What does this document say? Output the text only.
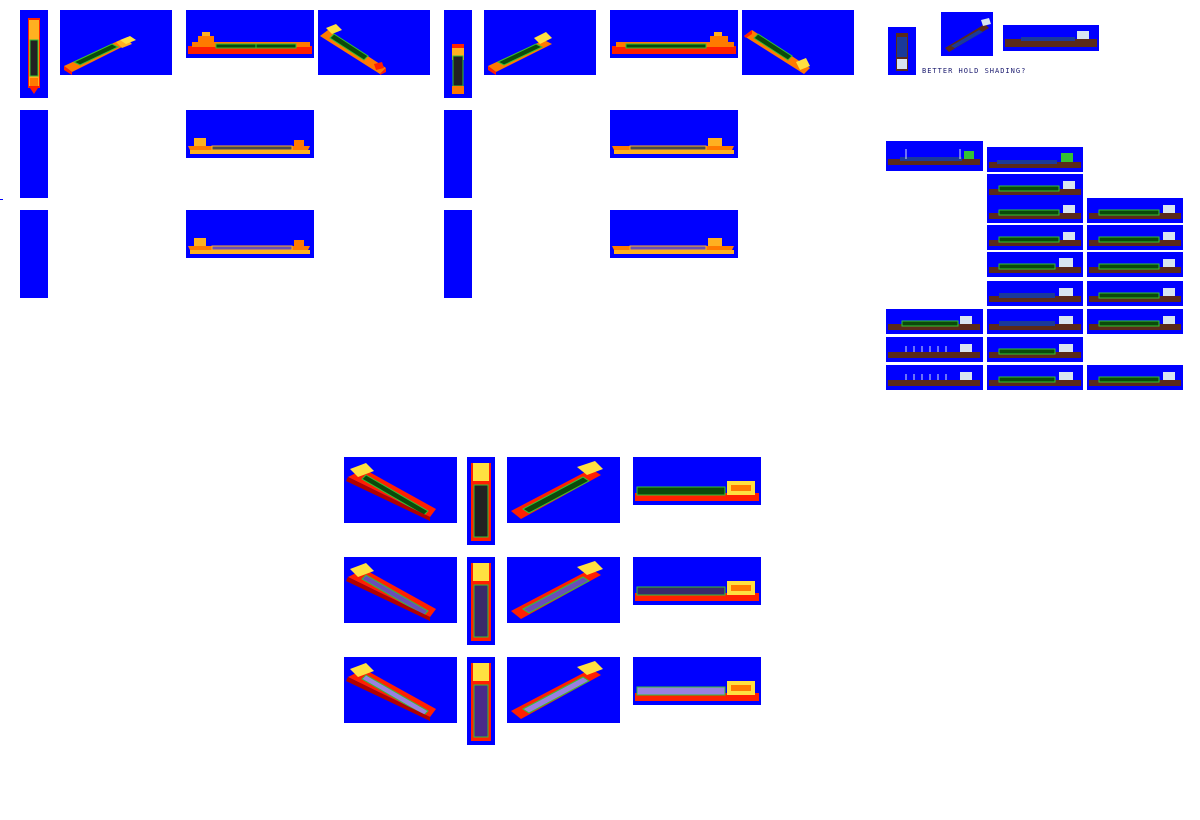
BETTER HOLD SHADING?
